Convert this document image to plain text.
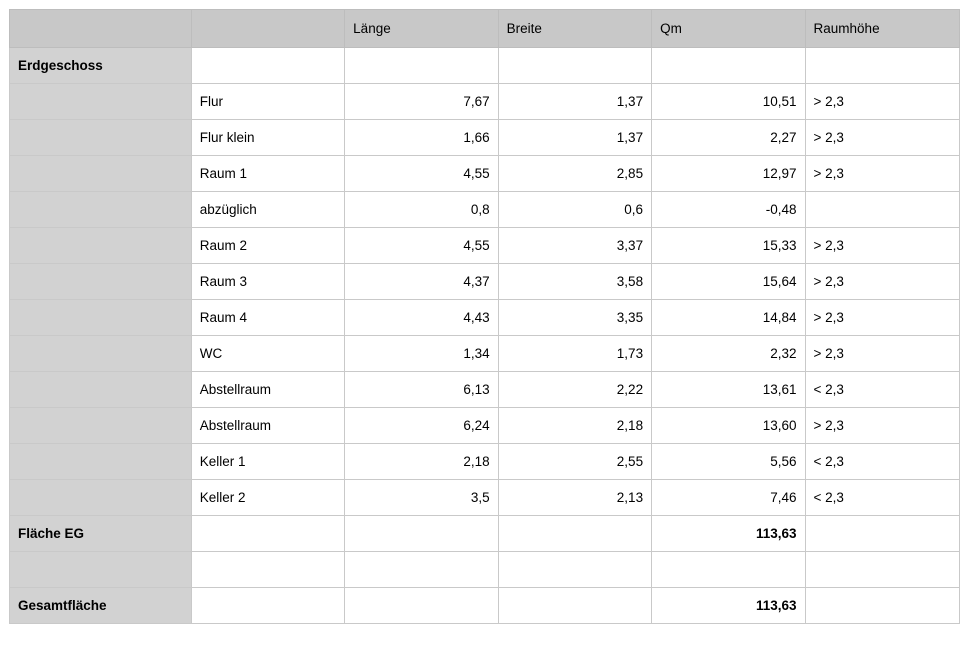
		Länge	Breite	Qm	Raumhöhe
Erdgeschoss					
	Flur	7,67	1,37	10,51	> 2,3
	Flur klein	1,66	1,37	2,27	> 2,3
	Raum 1	4,55	2,85	12,97	> 2,3
	abzüglich	0,8	0,6	-0,48	
	Raum 2	4,55	3,37	15,33	> 2,3
	Raum 3	4,37	3,58	15,64	> 2,3
	Raum 4	4,43	3,35	14,84	> 2,3
	WC	1,34	1,73	2,32	> 2,3
	Abstellraum	6,13	2,22	13,61	< 2,3
	Abstellraum	6,24	2,18	13,60	> 2,3
	Keller 1	2,18	2,55	5,56	< 2,3
	Keller 2	3,5	2,13	7,46	< 2,3
Fläche EG				113,63	

Gesamtfläche				113,63	
